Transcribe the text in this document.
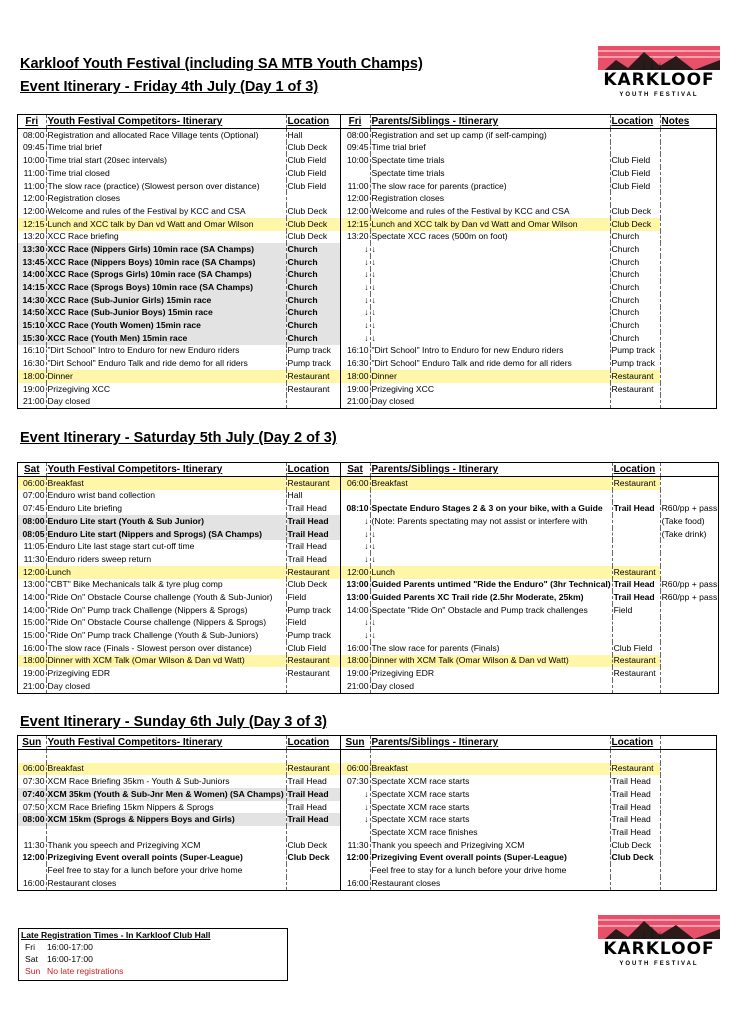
Karkloof Youth Festival (including SA MTB Youth Champs)
Event Itinerary - Friday 4th July (Day 1 of 3)
Event Itinerary - Saturday 5th July (Day 2 of 3)
Event Itinerary - Sunday 6th July (Day 3 of 3)
KARKLOOF
YOUTH FESTIVAL
KARKLOOF
YOUTH FESTIVAL
Fri	Youth Festival Competitors- Itinerary	Location	Fri	Parents/Siblings - Itinerary	Location	Notes
08:00	Registration and allocated Race Village tents (Optional)	Hall	08:00	Registration and set up camp (if self-camping)		
09:45	Time trial brief	Club Deck	09:45	Time trial brief		
10:00	Time trial start (20sec intervals)	Club Field	10:00	Spectate time trials	Club Field	
11:00	Time trial closed	Club Field		Spectate time trials	Club Field	
11:00	The slow race (practice) (Slowest person over distance)	Club Field	11:00	The slow race for parents (practice)	Club Field	
12:00	Registration closes		12:00	Registration closes		
12:00	Welcome and rules of the Festival by KCC and CSA	Club Deck	12:00	Welcome and rules of the Festival by KCC and CSA	Club Deck	
12:15	Lunch and XCC talk by Dan vd Watt and Omar Wilson	Club Deck	12:15	Lunch and XCC talk by Dan vd Watt and Omar Wilson	Club Deck	
13:20	XCC Race briefing	Club Deck	13:20	Spectate XCC races (500m on foot)	Church	
13:30	XCC Race (Nippers Girls) 10min race (SA Champs)	Church	↓	↓	Church	
13:45	XCC Race (Nippers Boys) 10min race (SA Champs)	Church	↓	↓	Church	
14:00	XCC Race (Sprogs Girls) 10min race (SA Champs)	Church	↓	↓	Church	
14:15	XCC Race (Sprogs Boys) 10min race (SA Champs)	Church	↓	↓	Church	
14:30	XCC Race (Sub-Junior Girls) 15min race	Church	↓	↓	Church	
14:50	XCC Race (Sub-Junior Boys) 15min race	Church	↓	↓	Church	
15:10	XCC Race (Youth Women) 15min race	Church	↓	↓	Church	
15:30	XCC Race (Youth Men) 15min race	Church	↓	↓	Church	
16:10	"Dirt School" Intro to Enduro for new Enduro riders	Pump track	16:10	"Dirt School" Intro to Enduro for new Enduro riders	Pump track	
16:30	"Dirt School" Enduro Talk and ride demo for all riders	Pump track	16:30	"Dirt School" Enduro Talk and ride demo for all riders	Pump track	
18:00	Dinner	Restaurant	18:00	Dinner	Restaurant	
19:00	Prizegiving XCC	Restaurant	19:00	Prizegiving XCC	Restaurant	
21:00	Day closed		21:00	Day closed		
Sat	Youth Festival Competitors- Itinerary	Location	Sat	Parents/Siblings - Itinerary	Location	
06:00	Breakfast	Restaurant	06:00	Breakfast	Restaurant	
07:00	Enduro wrist band collection	Hall				
07:45	Enduro Lite briefing	Trail Head	08:10	Spectate Enduro Stages 2 & 3 on your bike, with a Guide	Trail Head	R60/pp + pass
08:00	Enduro Lite start (Youth & Sub Junior)	Trail Head	↓	(Note: Parents spectating may not assist or interfere with		(Take food)
08:05	Enduro Lite start (Nippers and Sprogs) (SA Champs)	Trail Head	↓	↓		(Take drink)
11:05	Enduro Lite last stage start cut-off time	Trail Head	↓	↓		
11:30	Enduro riders sweep return	Trail Head	↓	↓		
12:00	Lunch	Restaurant	12:00	Lunch	Restaurant	
13:00	"CBT" Bike Mechanicals talk & tyre plug comp	Club Deck	13:00	Guided Parents untimed "Ride the Enduro" (3hr Technical)	Trail Head	R60/pp + pass
14:00	"Ride On" Obstacle Course challenge (Youth & Sub-Junior)	Field	13:00	Guided Parents XC Trail ride (2.5hr Moderate, 25km)	Trail Head	R60/pp + pass
14:00	"Ride On" Pump track Challenge (Nippers & Sprogs)	Pump track	14:00	Spectate "Ride On" Obstacle and Pump track challenges	Field	
15:00	"Ride On" Obstacle Course challenge (Nippers & Sprogs)	Field	↓	↓		
15:00	"Ride On" Pump track Challenge (Youth & Sub-Juniors)	Pump track	↓	↓		
16:00	The slow race (Finals - Slowest person over distance)	Club Field	16:00	The slow race for parents (Finals)	Club Field	
18:00	Dinner with XCM Talk (Omar Wilson & Dan vd Watt)	Restaurant	18:00	Dinner with XCM Talk (Omar Wilson & Dan vd Watt)	Restaurant	
19:00	Prizegiving EDR	Restaurant	19:00	Prizegiving EDR	Restaurant	
21:00	Day closed		21:00	Day closed		
Sun	Youth Festival Competitors- Itinerary	Location	Sun	Parents/Siblings - Itinerary	Location	

06:00	Breakfast	Restaurant	06:00	Breakfast	Restaurant	
07:30	XCM Race Briefing 35km - Youth & Sub-Juniors	Trail Head	07:30	Spectate XCM race starts	Trail Head	
07:40	XCM 35km (Youth & Sub-Jnr Men & Women) (SA Champs)	Trail Head	↓	Spectate XCM race starts	Trail Head	
07:50	XCM Race Briefing 15km Nippers & Sprogs	Trail Head	↓	Spectate XCM race starts	Trail Head	
08:00	XCM 15km (Sprogs & Nippers Boys and Girls)	Trail Head	↓	Spectate XCM race starts	Trail Head	
				Spectate XCM race finishes	Trail Head	
11:30	Thank you speech and Prizegiving XCM	Club Deck	11:30	Thank you speech and Prizegiving XCM	Club Deck	
12:00	Prizegiving Event overall points (Super-League)	Club Deck	12:00	Prizegiving Event overall points (Super-League)	Club Deck	
	Feel free to stay for a lunch before your drive home			Feel free to stay for a lunch before your drive home		
16:00	Restaurant closes		16:00	Restaurant closes		
Late Registration Times - In Karkloof Club Hall
Fri 16:00-17:00
Sat 16:00-17:00
Sun No late registrations
